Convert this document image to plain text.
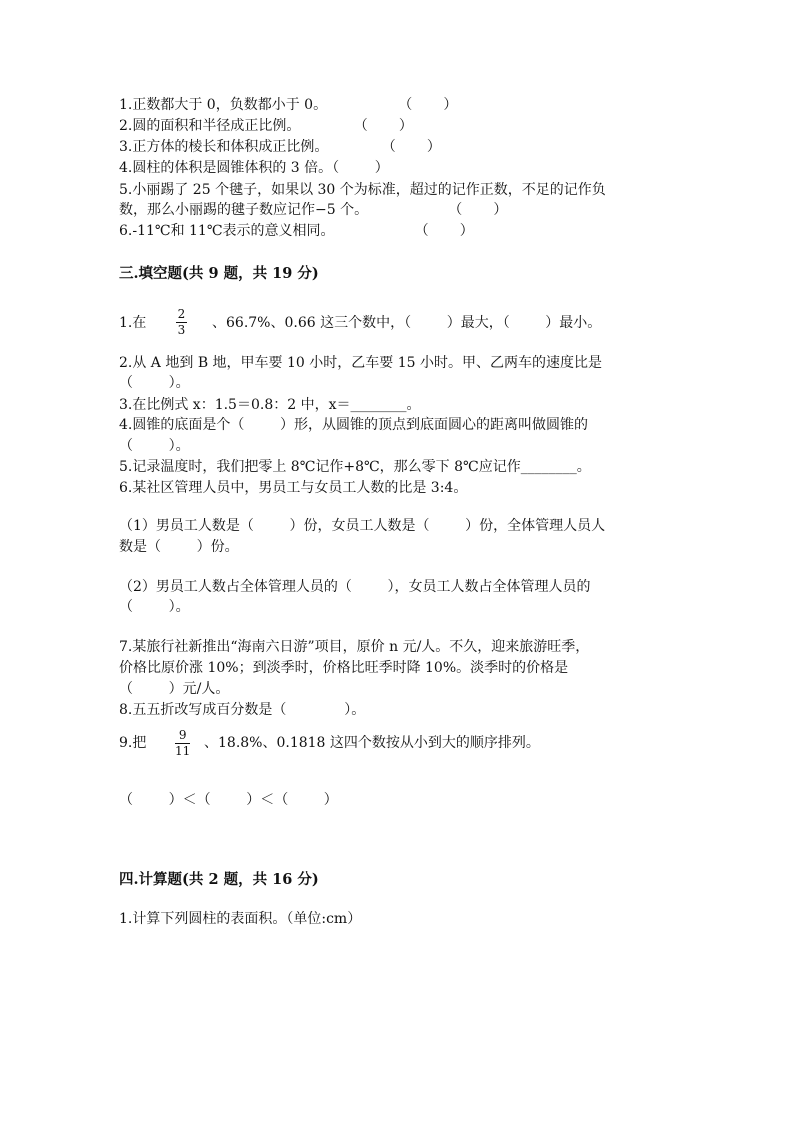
1.正数都大于 0，负数都小于 0。                （       ）
2.圆的面积和半径成正比例。            （       ）
3.正方体的棱长和体积成正比例。            （       ）
4.圆柱的体积是圆锥体积的 3 倍。（        ）
5.小丽踢了 25 个毽子，如果以 30 个为标准，超过的记作正数，不足的记作负
数，那么小丽踢的毽子数应记作−5 个。                  （       ）
6.-11℃和 11℃表示的意义相同。                  （       ）
三.填空题(共 9 题，共 19 分)
1.在
2
3 、66.7%、0.66 这三个数中，（        ）最大，（        ）最小。
2.从 A 地到 B 地，甲车要 10 小时，乙车要 15 小时。甲、乙两车的速度比是
（        ）。
3.在比例式 x：1.5＝0.8：2 中，x＝________。
4.圆锥的底面是个（        ）形，从圆锥的顶点到底面圆心的距离叫做圆锥的
（        ）。
5.记录温度时，我们把零上 8℃记作+8℃，那么零下 8℃应记作________。
6.某社区管理人员中，男员工与女员工人数的比是 3:4。
（1）男员工人数是（        ）份，女员工人数是（        ）份，全体管理人员人
数是（        ）份。
（2）男员工人数占全体管理人员的（        ），女员工人数占全体管理人员的
（        ）。
7.某旅行社新推出“海南六日游”项目，原价 n 元/人。不久，迎来旅游旺季，
价格比原价涨 10%；到淡季时，价格比旺季时降 10%。淡季时的价格是
（        ）元/人。
8.五五折改写成百分数是（             ）。
9.把	9
11 、18.8%、0.1818 这四个数按从小到大的顺序排列。
（        ）＜（        ）＜（        ）
四.计算题(共 2 题，共 16 分)
1.计算下列圆柱的表面积。（单位:cm）
